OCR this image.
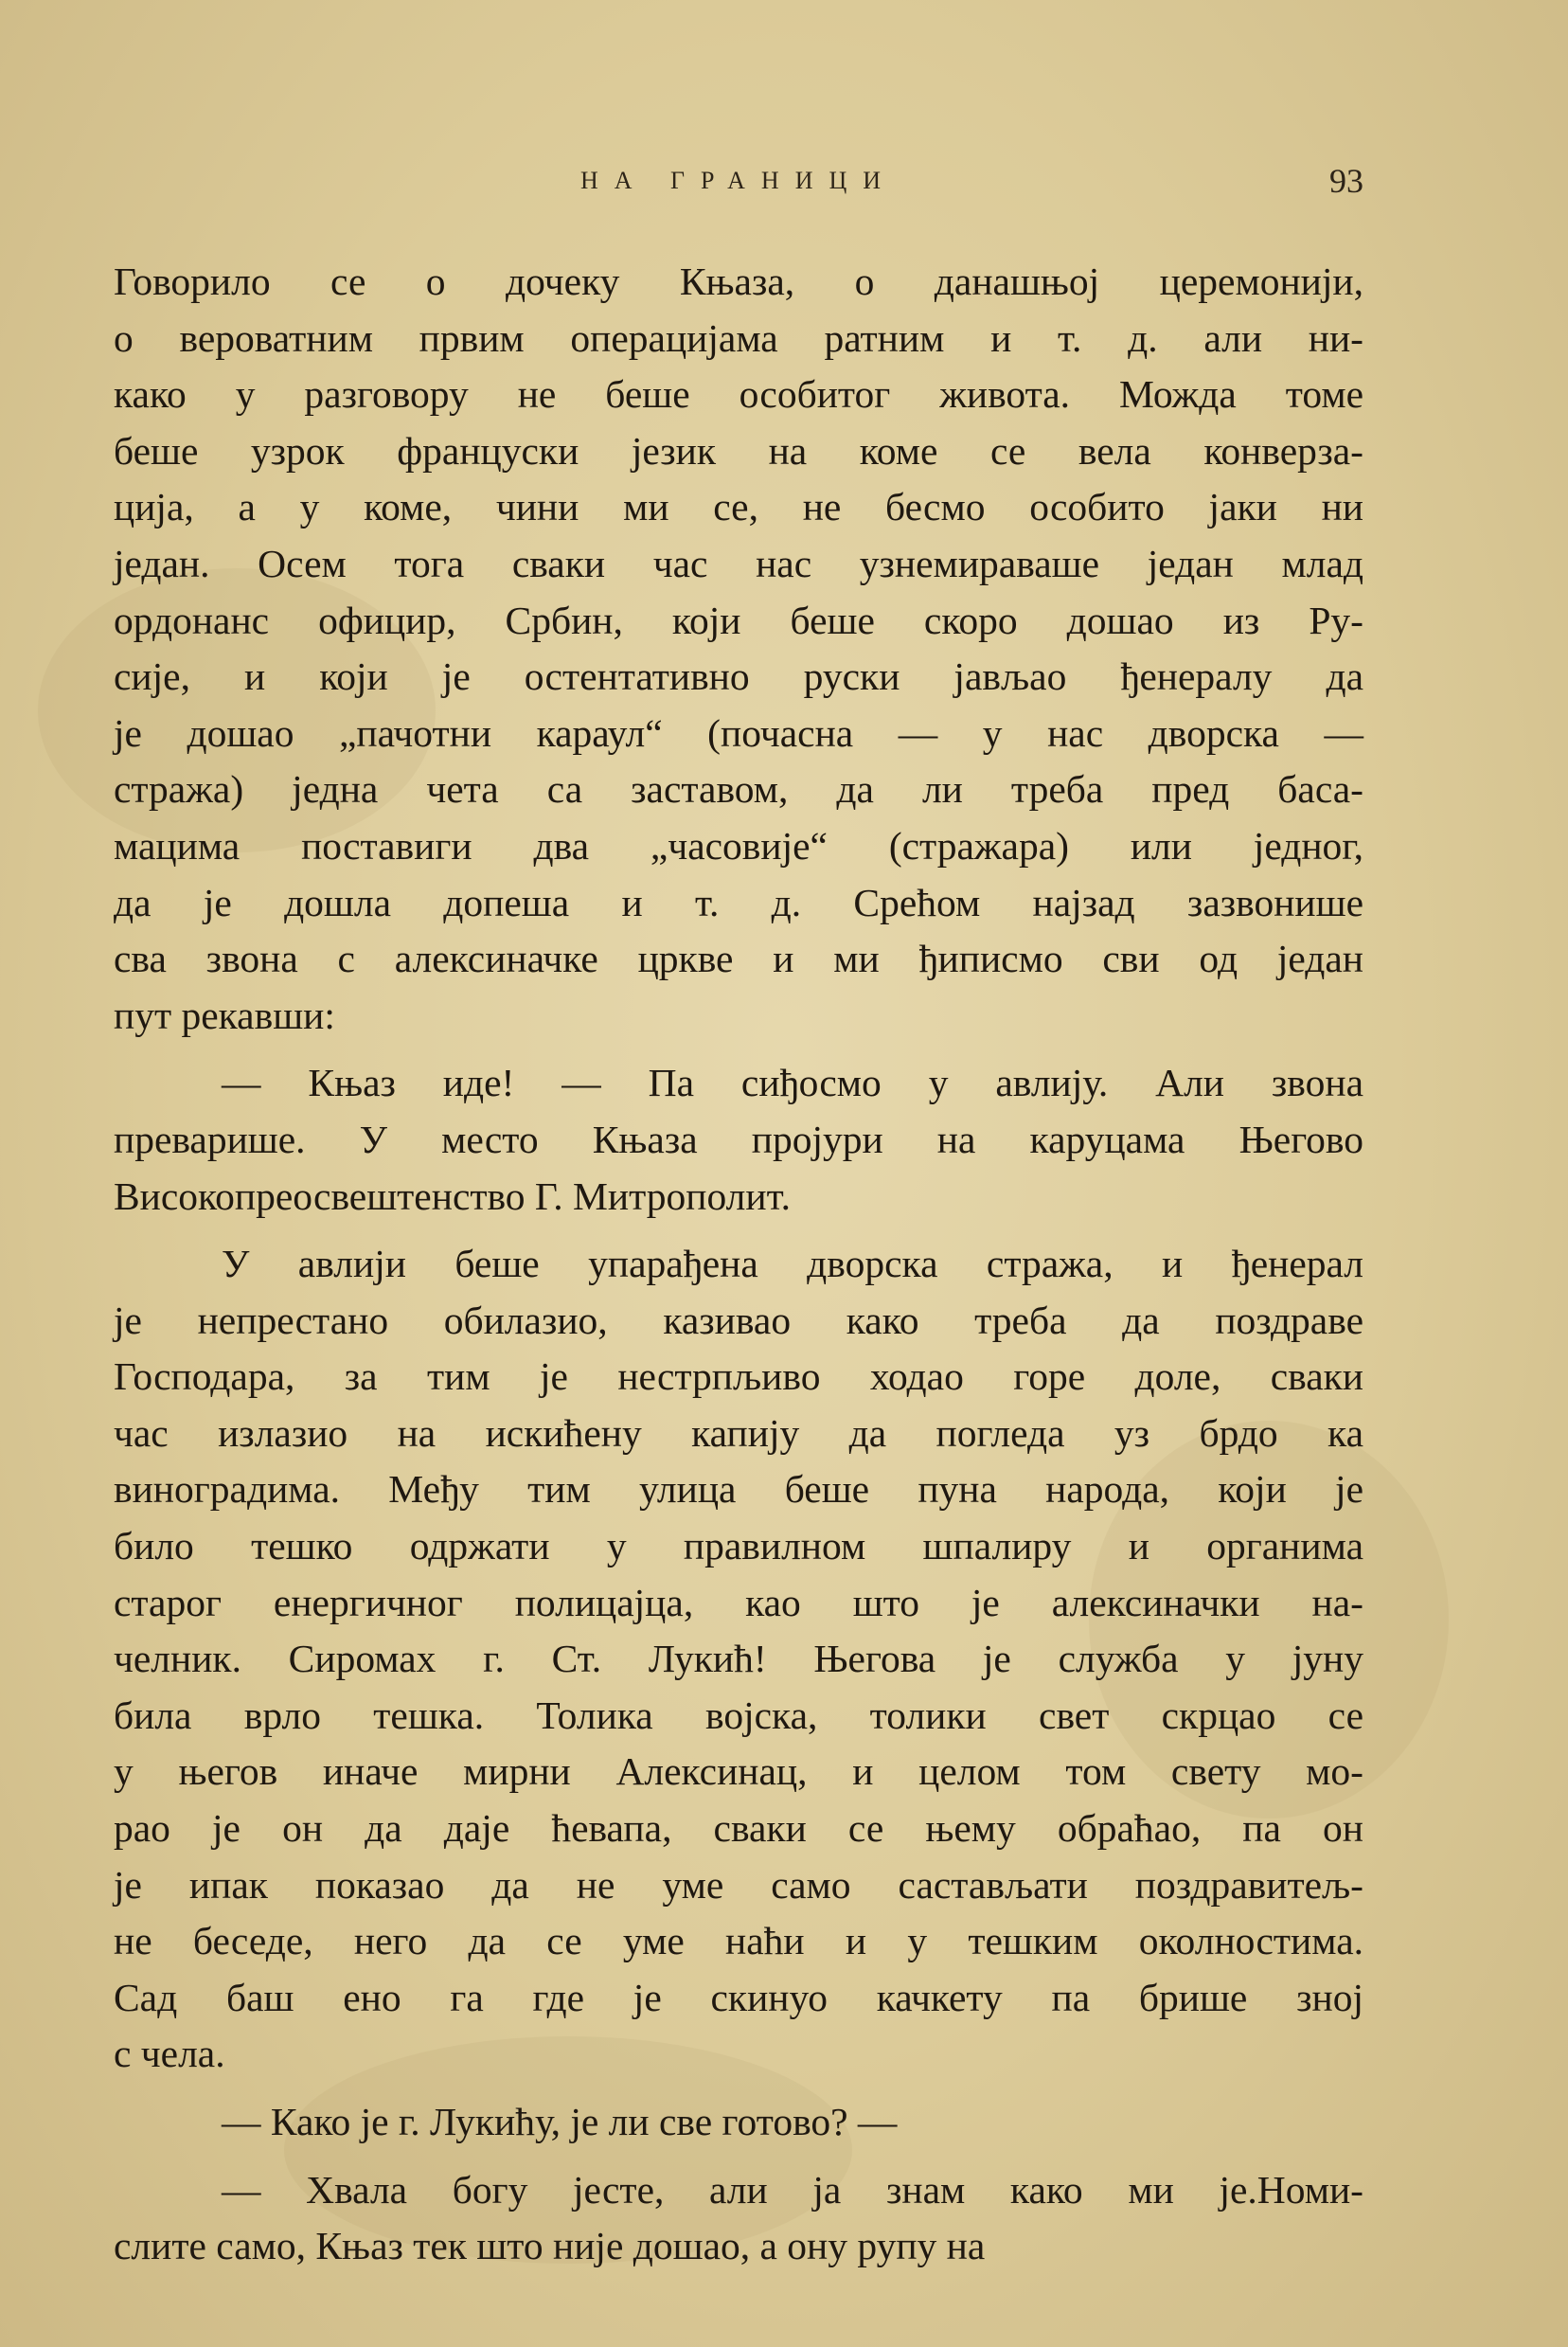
НА ГРАНИЦИ	93
Говорило се о дочеку Књаза, о данашњој церемонији,
о вероватним првим операцијама ратним и т. д. али ни-
како у разговору не беше особитог живота. Можда томе
беше узрок француски језик на коме се вела конверза-
ција, а у коме, чини ми се, не бесмо особито јаки ни
један. Осем тога сваки час нас узнемираваше један млад
ордонанс официр, Србин, који беше скоро дошао из Ру-
сије, и који је остентативно руски јављао ђенералу да
је дошао „пачотни караул“ (почасна — у нас дворска —
стража) једна чета са заставом, да ли треба пред баса-
мацима поставиги два „часовије“ (стражара) или једног,
да је дошла допеша и т. д. Срећом најзад зазвонише
сва звона с алексиначке цркве и ми ђиписмо сви од један
пут рекавши:
— Књаз иде! — Па сиђосмо у авлију. Али звона
преварише. У место Књаза пројури на каруцама Његово
Високопреосвештенство Г. Митрополит.
У авлији беше упарађена дворска стража, и ђенерал
је непрестано обилазио, казивао како треба да поздраве
Господара, за тим је нестрпљиво ходао горе доле, сваки
час излазио на искићену капију да погледа уз брдо ка
виноградима. Међу тим улица беше пуна народа, који је
било тешко одржати у правилном шпалиру и органима
старог енергичног полицајца, као што је алексиначки на-
челник. Сиромах г. Ст. Лукић! Његова је служба у јуну
била врло тешка. Толика војска, толики свет скрцао се
у његов иначе мирни Алексинац, и целом том свету мо-
рао је он да даје ћевапа, сваки се њему обраћао, па он
је ипак показао да не уме само састављати поздравитељ-
не беседе, него да се уме наћи и у тешким околностима.
Сад баш ено га где је скинуо качкету па брише зној
с чела.
— Како је г. Лукићу, је ли све готово? —
— Хвала богу јесте, али ја знам како ми је.Номи-
слите само, Књаз тек што није дошао, а ону рупу на
